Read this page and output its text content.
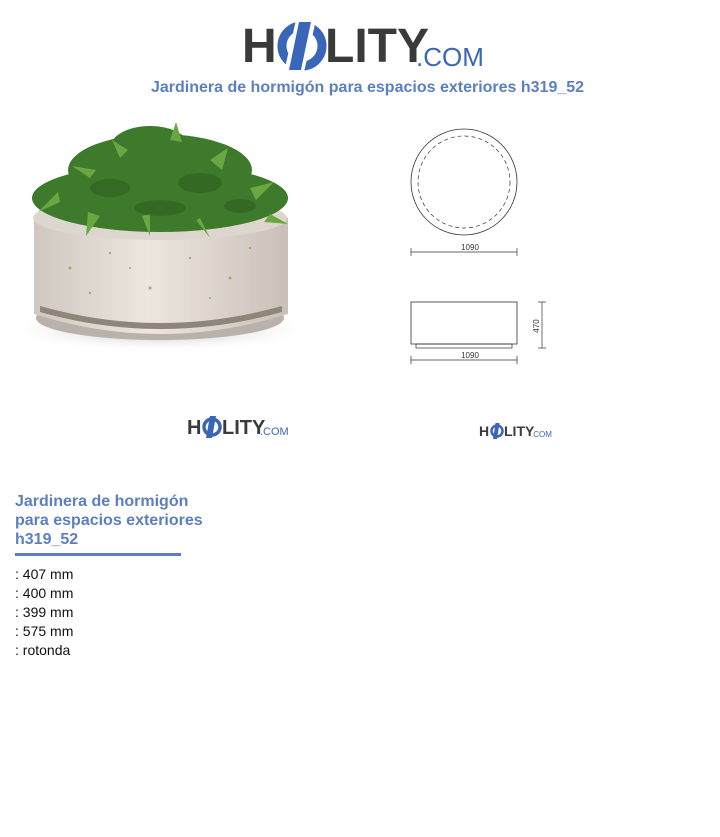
H LITY
.COM
Jardinera de hormigón para espacios exteriores h319_52
1090
470
1090
H LITY
.COM	H LITY
.COM
Jardinera de hormigón
para espacios exteriores
h319_52
: 407 mm
: 400 mm
: 399 mm
: 575 mm
: rotonda
